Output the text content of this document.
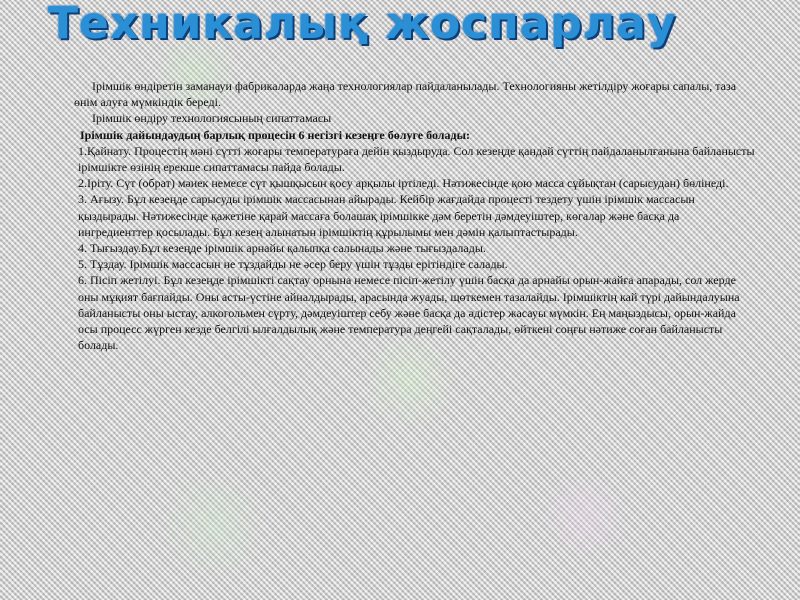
Техникалық жоспарлау

Ірімшік өндіретін заманауи фабрикаларда жаңа технологиялар пайдаланылады. Технологияны жетілдіру жоғары сапалы, таза өнім алуға мүмкіндік береді.

Ірімшік өндіру технологиясының сипаттамасы

Ірімшік дайындаудың барлық процесін 6 негізгі кезеңге бөлуге болады:

1.Қайнату. Процестің мәні сүтті жоғары температураға дейін қыздыруда. Сол кезеңде қандай сүттің пайдаланылғанына байланысты ірімшікте өзінің ерекше сипаттамасы пайда болады.

2.Іріту. Сүт (обрат) мәиек немесе сүт қышқысын қосу арқылы іртіледі. Нәтижесінде қою масса сұйықтан (сарысудан) бөлінеді.

3. Ағызу. Бұл кезеңде сарысуды ірімшік массасынан айырады. Кейбір жағдайда процесті тездету үшін ірімшік массасын қыздырады. Нәтижесінде қажетіне қарай массаға болашақ ірімшікке дәм беретін дәмдеуіштер, көгалар және басқа да ингредиенттер қосылады. Бұл кезең алынатын ірімшіктің құрылымы мен дәмін қалыптастырады.

4. Тығыздау.Бұл кезеңде ірімшік арнайы қалыпқа салынады және тығыздалады.

5. Тұздау. Ірімшік массасын не тұздайды не әсер беру үшін тұзды ерітіндіге салады.

6. Пісіп жетілуі. Бұл кезеңде ірімшікті сақтау орнына немесе пісіп-жетілу үшін басқа да арнайы орын-жайға апарады, сол жерде оны мұқият бағпайды. Оны асты-үстіне айналдырады, арасында жуады, щөткемен тазалайды. Ірімшіктің кай түрі дайындалуына байланысты оны ыстау, алкогольмен сүрту, дәмдеуіштер себу және басқа да әдістер жасауы мүмкін. Ең маңыздысы, орын-жайда осы процесс жүрген кезде белгілі ылғалдылық және температура деңгейі сақталады, өйткені соңғы нәтиже соған байланысты болады.
